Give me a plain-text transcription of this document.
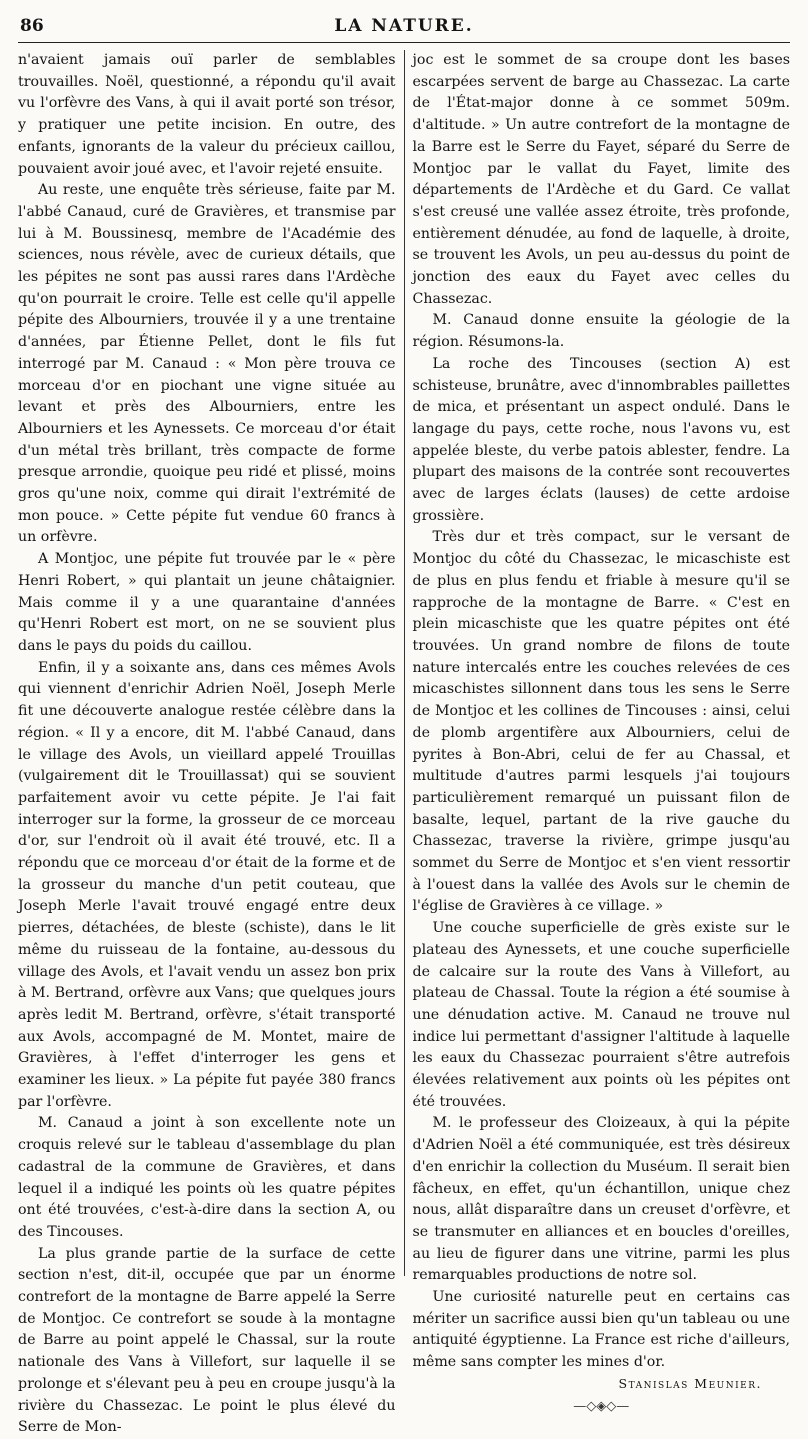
86	LA NATURE.

n'avaient jamais ouï parler de semblables trouvailles. Noël, questionné, a répondu qu'il avait vu l'orfèvre des Vans, à qui il avait porté son trésor, y pratiquer une petite incision. En outre, des enfants, ignorants de la valeur du précieux caillou, pouvaient avoir joué avec, et l'avoir rejeté ensuite.

Au reste, une enquête très sérieuse, faite par M. l'abbé Canaud, curé de Gravières, et transmise par lui à M. Boussinesq, membre de l'Académie des sciences, nous révèle, avec de curieux détails, que les pépites ne sont pas aussi rares dans l'Ardèche qu'on pourrait le croire. Telle est celle qu'il appelle pépite des Albourniers, trouvée il y a une trentaine d'années, par Étienne Pellet, dont le fils fut interrogé par M. Canaud : « Mon père trouva ce morceau d'or en piochant une vigne située au levant et près des Albourniers, entre les Albourniers et les Aynessets. Ce morceau d'or était d'un métal très brillant, très compacte de forme presque arrondie, quoique peu ridé et plissé, moins gros qu'une noix, comme qui dirait l'extrémité de mon pouce. » Cette pépite fut vendue 60 francs à un orfèvre.

A Montjoc, une pépite fut trouvée par le « père Henri Robert, » qui plantait un jeune châtaignier. Mais comme il y a une quarantaine d'années qu'Henri Robert est mort, on ne se souvient plus dans le pays du poids du caillou.

Enfin, il y a soixante ans, dans ces mêmes Avols qui viennent d'enrichir Adrien Noël, Joseph Merle fit une découverte analogue restée célèbre dans la région. « Il y a encore, dit M. l'abbé Canaud, dans le village des Avols, un vieillard appelé Trouillas (vulgairement dit le Trouillassat) qui se souvient parfaitement avoir vu cette pépite. Je l'ai fait interroger sur la forme, la grosseur de ce morceau d'or, sur l'endroit où il avait été trouvé, etc. Il a répondu que ce morceau d'or était de la forme et de la grosseur du manche d'un petit couteau, que Joseph Merle l'avait trouvé engagé entre deux pierres, détachées, de bleste (schiste), dans le lit même du ruisseau de la fontaine, au-dessous du village des Avols, et l'avait vendu un assez bon prix à M. Bertrand, orfèvre aux Vans; que quelques jours après ledit M. Bertrand, orfèvre, s'était transporté aux Avols, accompagné de M. Montet, maire de Gravières, à l'effet d'interroger les gens et examiner les lieux. » La pépite fut payée 380 francs par l'orfèvre.

M. Canaud a joint à son excellente note un croquis relevé sur le tableau d'assemblage du plan cadastral de la commune de Gravières, et dans lequel il a indiqué les points où les quatre pépites ont été trouvées, c'est-à-dire dans la section A, ou des Tincouses.

La plus grande partie de la surface de cette section n'est, dit-il, occupée que par un énorme contrefort de la montagne de Barre appelé la Serre de Montjoc. Ce contrefort se soude à la montagne de Barre au point appelé le Chassal, sur la route nationale des Vans à Villefort, sur laquelle il se prolonge et s'élevant peu à peu en croupe jusqu'à la rivière du Chassezac. Le point le plus élevé du Serre de Mon-

joc est le sommet de sa croupe dont les bases escarpées servent de barge au Chassezac. La carte de l'État-major donne à ce sommet 509m. d'altitude. » Un autre contrefort de la montagne de la Barre est le Serre du Fayet, séparé du Serre de Montjoc par le vallat du Fayet, limite des départements de l'Ardèche et du Gard. Ce vallat s'est creusé une vallée assez étroite, très profonde, entièrement dénudée, au fond de laquelle, à droite, se trouvent les Avols, un peu au-dessus du point de jonction des eaux du Fayet avec celles du Chassezac.

M. Canaud donne ensuite la géologie de la région. Résumons-la.

La roche des Tincouses (section A) est schisteuse, brunâtre, avec d'innombrables paillettes de mica, et présentant un aspect ondulé. Dans le langage du pays, cette roche, nous l'avons vu, est appelée bleste, du verbe patois ablester, fendre. La plupart des maisons de la contrée sont recouvertes avec de larges éclats (lauses) de cette ardoise grossière.

Très dur et très compact, sur le versant de Montjoc du côté du Chassezac, le micaschiste est de plus en plus fendu et friable à mesure qu'il se rapproche de la montagne de Barre. « C'est en plein micaschiste que les quatre pépites ont été trouvées. Un grand nombre de filons de toute nature intercalés entre les couches relevées de ces micaschistes sillonnent dans tous les sens le Serre de Montjoc et les collines de Tincouses : ainsi, celui de plomb argentifère aux Albourniers, celui de pyrites à Bon-Abri, celui de fer au Chassal, et multitude d'autres parmi lesquels j'ai toujours particulièrement remarqué un puissant filon de basalte, lequel, partant de la rive gauche du Chassezac, traverse la rivière, grimpe jusqu'au sommet du Serre de Montjoc et s'en vient ressortir à l'ouest dans la vallée des Avols sur le chemin de l'église de Gravières à ce village. »

Une couche superficielle de grès existe sur le plateau des Aynessets, et une couche superficielle de calcaire sur la route des Vans à Villefort, au plateau de Chassal. Toute la région a été soumise à une dénudation active. M. Canaud ne trouve nul indice lui permettant d'assigner l'altitude à laquelle les eaux du Chassezac pourraient s'être autrefois élevées relativement aux points où les pépites ont été trouvées.

M. le professeur des Cloizeaux, à qui la pépite d'Adrien Noël a été communiquée, est très désireux d'en enrichir la collection du Muséum. Il serait bien fâcheux, en effet, qu'un échantillon, unique chez nous, allât disparaître dans un creuset d'orfèvre, et se transmuter en alliances et en boucles d'oreilles, au lieu de figurer dans une vitrine, parmi les plus remarquables productions de notre sol.

Une curiosité naturelle peut en certains cas mériter un sacrifice aussi bien qu'un tableau ou une antiquité égyptienne. La France est riche d'ailleurs, même sans compter les mines d'or.

Stanislas Meunier.
—◇◈◇—
